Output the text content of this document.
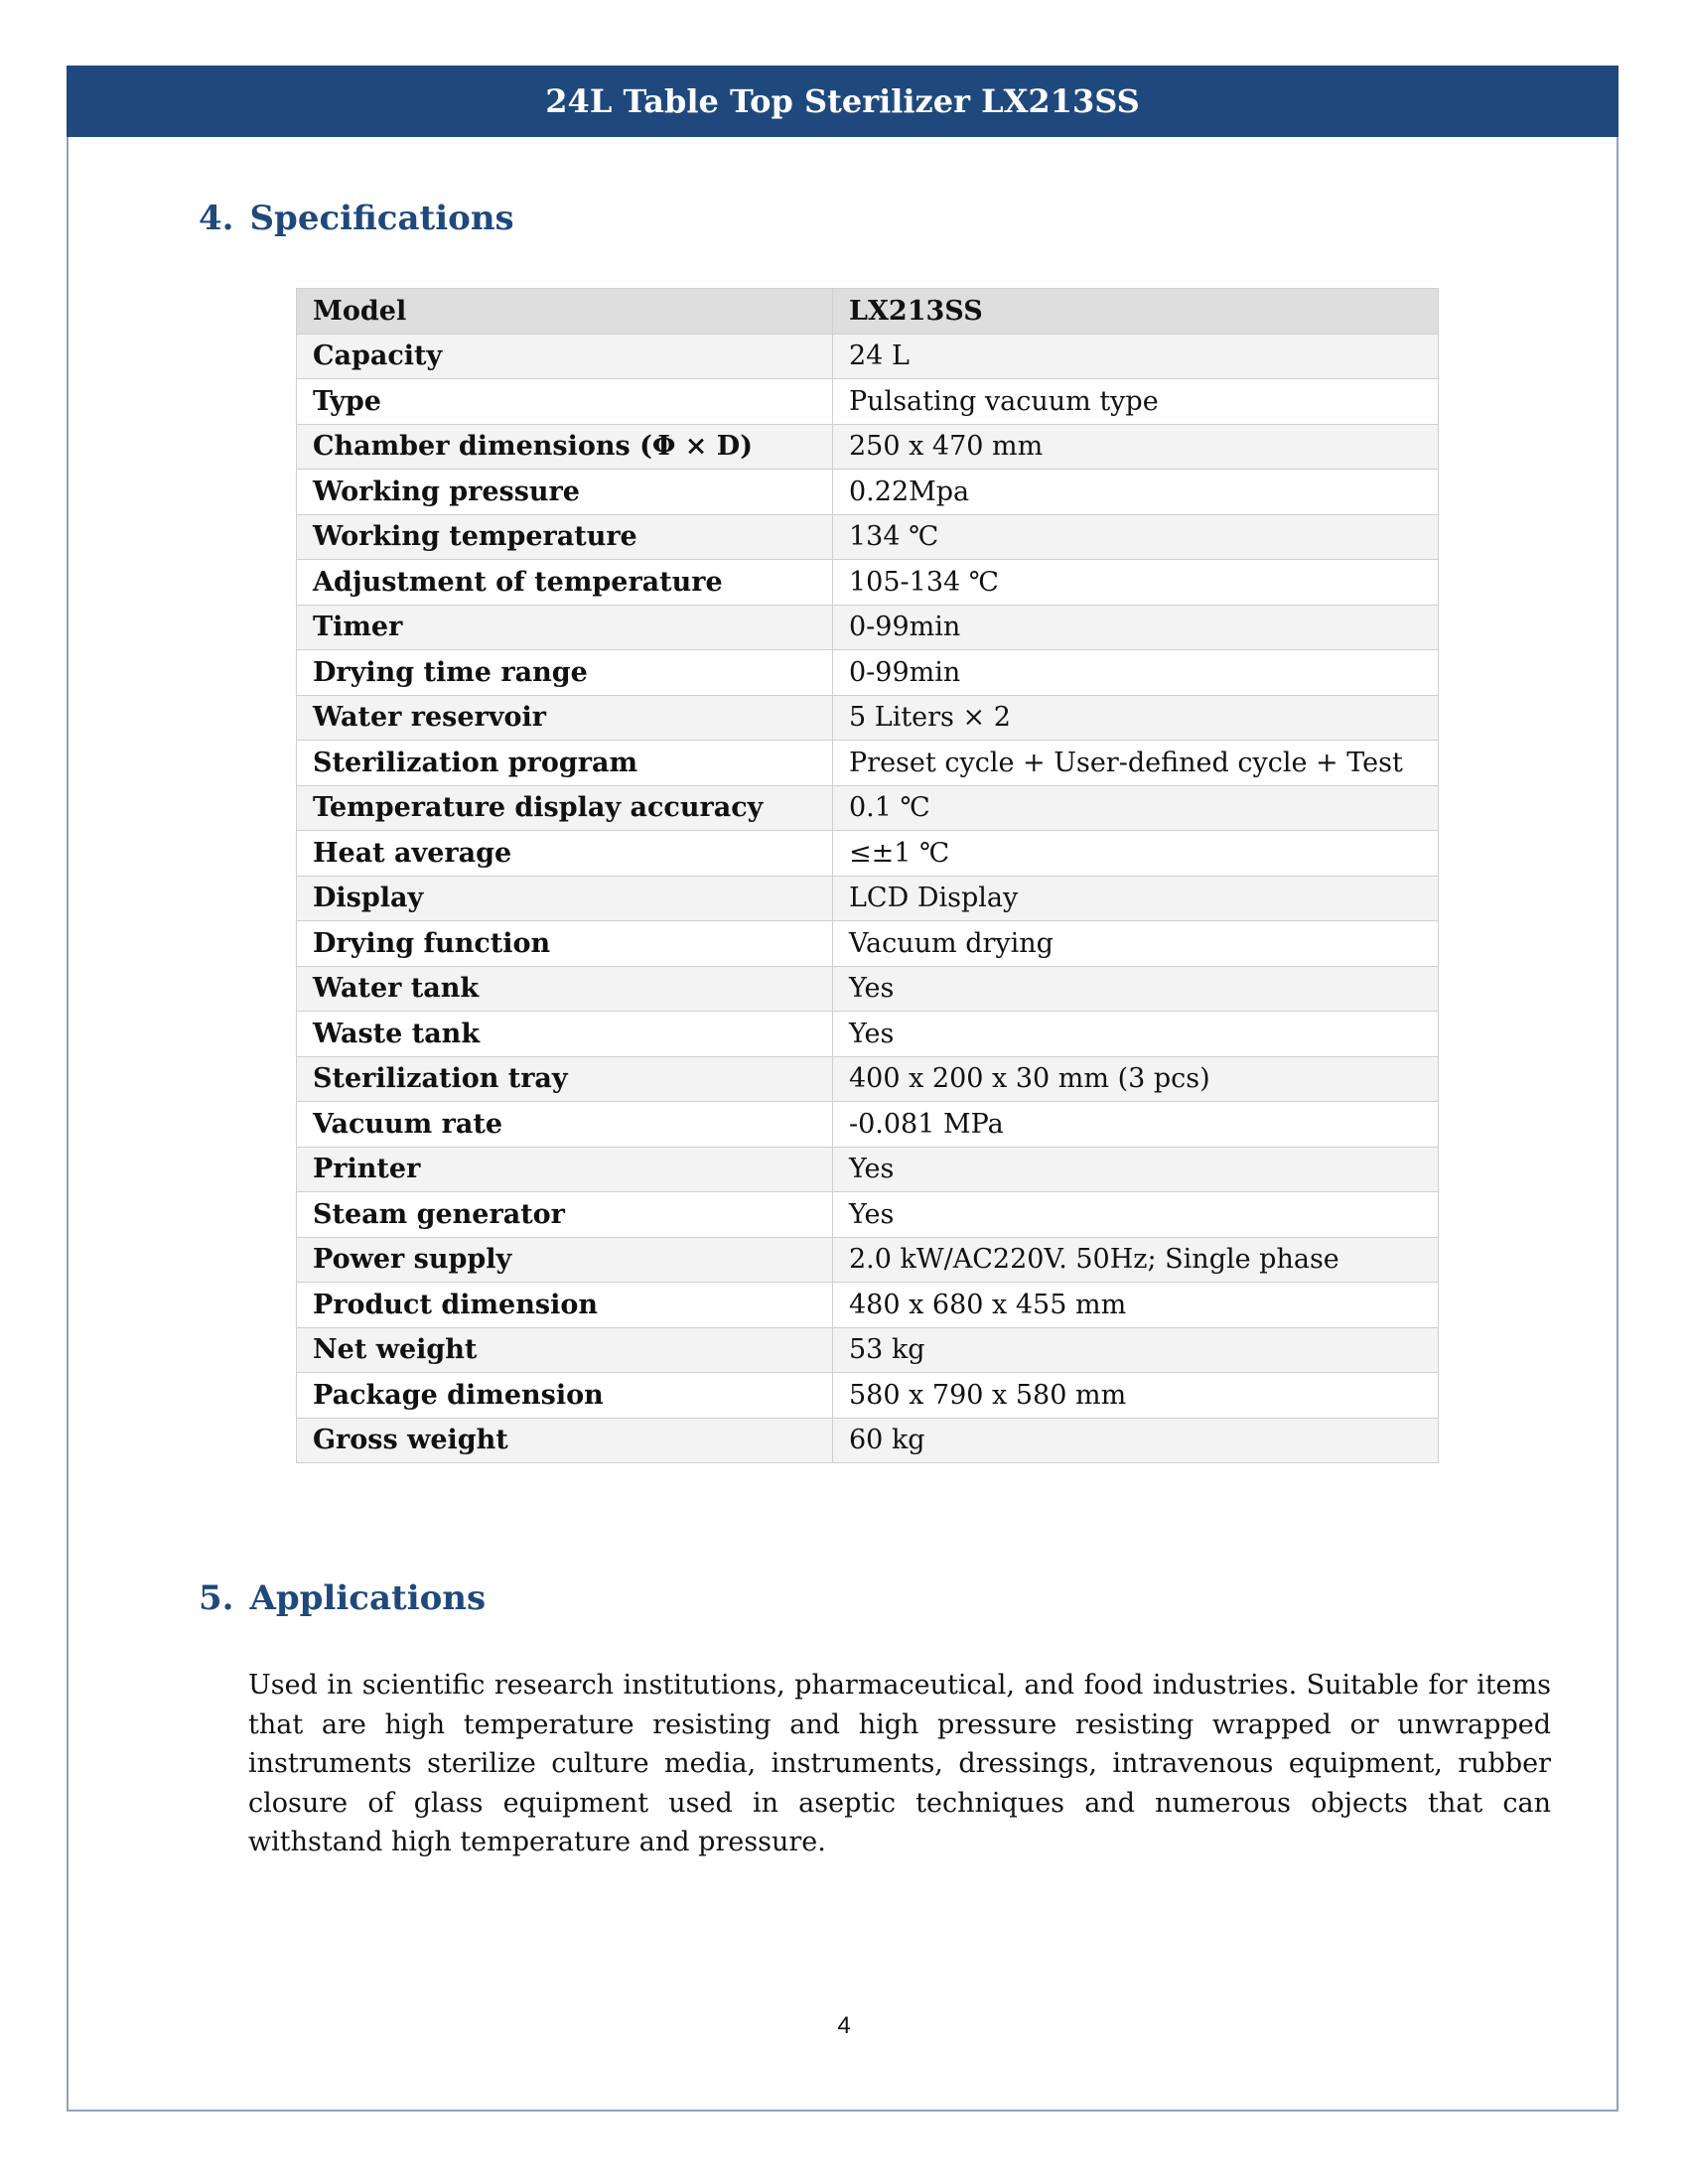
24L Table Top Sterilizer LX213SS
4. Specifications
Model	LX213SS
Capacity	24 L
Type	Pulsating vacuum type
Chamber dimensions (Φ × D)	250 x 470 mm
Working pressure	0.22Mpa
Working temperature	134 ℃
Adjustment of temperature	105-134 ℃
Timer	0-99min
Drying time range	0-99min
Water reservoir	5 Liters × 2
Sterilization program	Preset cycle + User-defined cycle + Test
Temperature display accuracy	0.1 ℃
Heat average	≤±1 ℃
Display	LCD Display
Drying function	Vacuum drying
Water tank	Yes
Waste tank	Yes
Sterilization tray	400 x 200 x 30 mm (3 pcs)
Vacuum rate	-0.081 MPa
Printer	Yes
Steam generator	Yes
Power supply	2.0 kW/AC220V. 50Hz; Single phase
Product dimension	480 x 680 x 455 mm
Net weight	53 kg
Package dimension	580 x 790 x 580 mm
Gross weight	60 kg
5. Applications

Used in scientific research institutions, pharmaceutical, and food industries. Suitable for items that are high temperature resisting and high pressure resisting wrapped or unwrapped instruments sterilize culture media, instruments, dressings, intravenous equipment, rubber closure of glass equipment used in aseptic techniques and numerous objects that can withstand high temperature and pressure.

4
